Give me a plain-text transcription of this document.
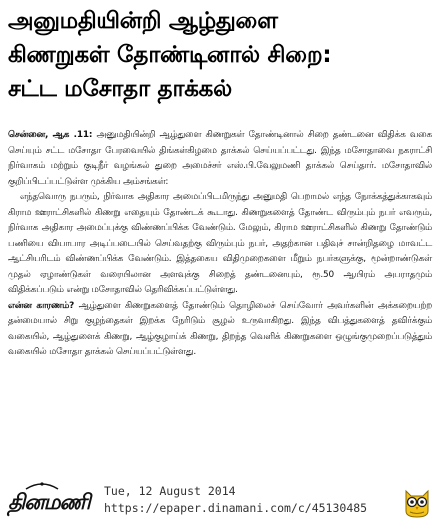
அனுமதியின்றி ஆழ்துளை
கிணறுகள் தோண்டினால் சிறை:
சட்ட மசோதா தாக்கல்

சென்னை, ஆக .11: அனுமதியின்றி ஆழ்துளை கிணறுகள் தோண்டினால் சிறை தண்டனை விதிக்க வகை செய்யும் சட்ட மசோதா பேரவையில் திங்கள்கிழமை தாக்கல் செய்யப்பட்டது. இந்த மசோதாவை நகராட்சி நிர்வாகம் மற்றும் குடிநீர் வழங்கல் துறை அமைச்சர் எஸ்.பி.வேலுமணி தாக்கல் செய்தார். மசோதாவில் குறிப்பிடப்பட்டுள்ள முக்கிய அம்சங்கள்:

எந்தவொரு நபரும், நிர்வாக அதிகார அமைப்பிடமிருந்து அனுமதி பெறாமல் எந்த நோக்கத்துக்காகவும் கிராம ஊராட்சிகளில் கிணறு எதையும் தோண்டக் கூடாது. கிணறுகளைத் தோண்ட விரும்பும் நபர் எவரும், நிர்வாக அதிகார அமைப்புக்கு விண்ணப்பிக்க வேண்டும். மேலும், கிராம ஊராட்சிகளில் கிணறு தோண்டும் பணியை வியாபார அடிப்படையில் செய்வதற்கு விரும்பும் நபர், அதற்கான பதிவுச் சான்றிதழை மாவட்ட ஆட்சியரிடம் விண்ணப்பிக்க வேண்டும். இத்தகைய விதிமுறைகளை மீறும் நபர்களுக்கு, மூன்றாண்டுகள் முதல் ஏழாண்டுகள் வரையிலான அளவுக்கு சிறைத் தண்டனையும், ரூ.50 ஆயிரம் அபராதமும் விதிக்கப்படும் என்று மசோதாவில் தெரிவிக்கப்பட்டுள்ளது.

என்ன காரணம்? ஆழ்துளை கிணறுகளைத் தோண்டும் தொழிலைச் செய்வோர் அவர்களின் அக்கறையற்ற தன்மையால் சிறு குழந்தைகள் இறக்க நேரிடும் சூழல் உருவாகிறது. இந்த விபத்துகளைத் தவிர்க்கும் வகையில், ஆழ்துளைக் கிணறு, ஆழ்குழாய்க் கிணறு, திறந்த வெளிக் கிணறுகளை ஒழுங்குமுறைப்படுத்தும் வகையில் மசோதா தாக்கல் செய்யப்பட்டுள்ளது.

தினமணி Tue, 12 August 2014
https://epaper.dinamani.com/c/45130485
